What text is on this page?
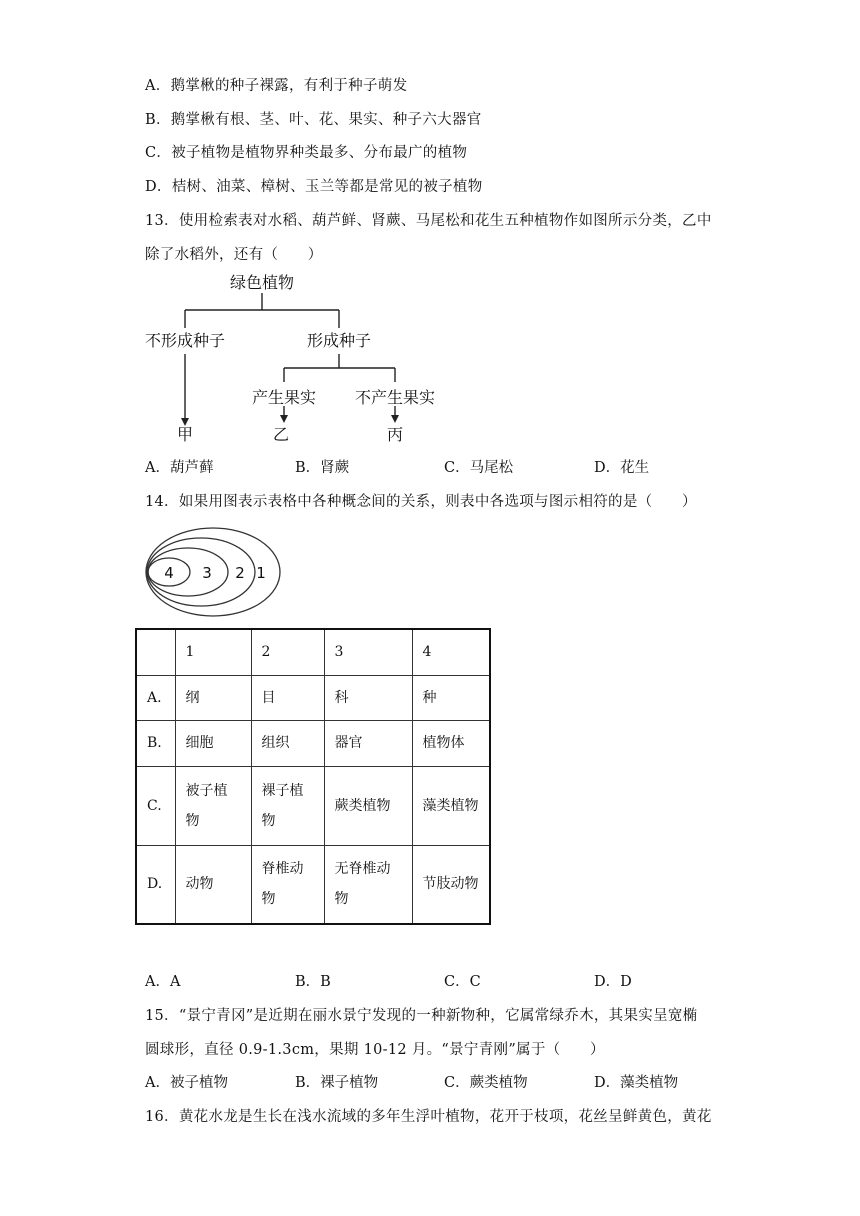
A．鹅掌楸的种子裸露，有利于种子萌发
B．鹅掌楸有根、茎、叶、花、果实、种子六大器官
C．被子植物是植物界种类最多、分布最广的植物
D．桔树、油菜、樟树、玉兰等都是常见的被子植物
13．使用检索表对水稻、葫芦鲜、肾蕨、马尾松和花生五种植物作如图所示分类，乙中
除了水稻外，还有（　　）
绿色植物
不形成种子	形成种子
产生果实 不产生果实
甲	乙	丙
A．葫芦藓	B．肾蕨	C．马尾松	D．花生
14．如果用图表示表格中各种概念间的关系，则表中各选项与图示相符的是（　　）
4 3 2 1
	1	2	3	4
A.	纲	目	科	种
B.	细胞	组织	器官	植物体
C.	被子植物	裸子植物	蕨类植物	藻类植物
D.	动物	脊椎动物	无脊椎动物	节肢动物
A．A	B．B	C．C	D．D
15．“景宁青冈”是近期在丽水景宁发现的一种新物种，它属常绿乔木，其果实呈宽椭
圆球形，直径 0.9-1.3cm，果期 10-12 月。“景宁青刚”属于（　　）
A．被子植物	B．裸子植物	C．蕨类植物	D．藻类植物
16．黄花水龙是生长在浅水流域的多年生浮叶植物，花开于枝项，花丝呈鲜黄色，黄花
